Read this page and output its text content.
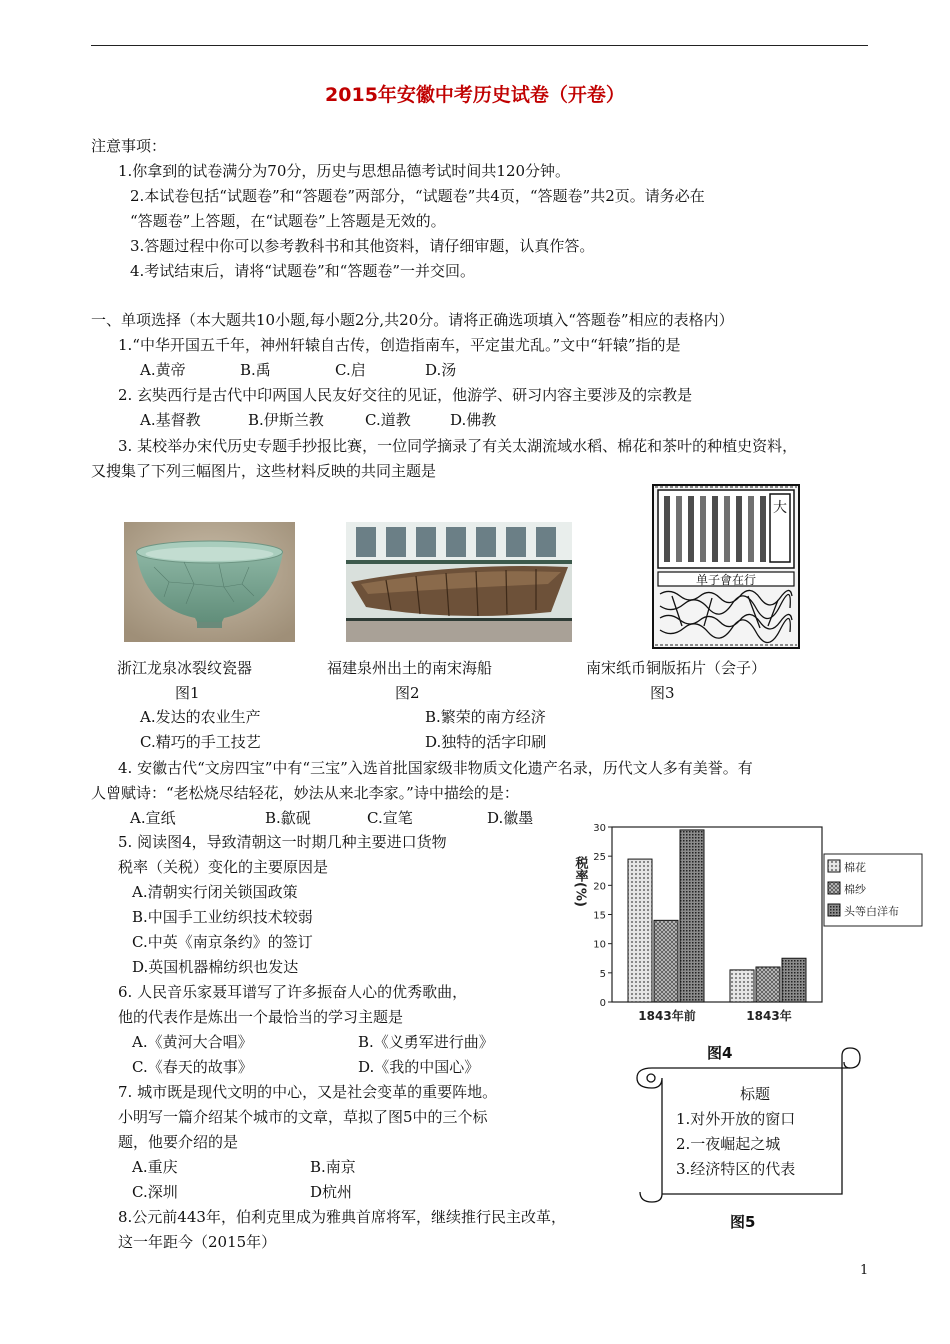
2015年安徽中考历史试卷（开卷）
注意事项：
1.你拿到的试卷满分为70分，历史与思想品德考试时间共120分钟。
2.本试卷包括“试题卷”和“答题卷”两部分，“试题卷”共4页，“答题卷”共2页。请务必在
“答题卷”上答题，在“试题卷”上答题是无效的。
3.答题过程中你可以参考教科书和其他资料，请仔细审题，认真作答。
4.考试结束后，请将“试题卷”和“答题卷”一并交回。
一、单项选择（本大题共10小题,每小题2分,共20分。请将正确选项填入“答题卷”相应的表格内）
1.“中华开国五千年，神州轩辕自古传，创造指南车，平定蚩尤乱。”文中“轩辕”指的是
A.黄帝	B.禹	C.启	D.汤
2. 玄奘西行是古代中印两国人民友好交往的见证，他游学、研习内容主要涉及的宗教是
A.基督教	B.伊斯兰教	C.道教	D.佛教
3. 某校举办宋代历史专题手抄报比赛，一位同学摘录了有关太湖流域水稻、棉花和茶叶的种植史资料，
又搜集了下列三幅图片，这些材料反映的共同主题是
大
单子會在行
浙江龙泉冰裂纹瓷器	福建泉州出土的南宋海船	南宋纸币铜版拓片（会子）
图1	图2	图3
A.发达的农业生产	B.繁荣的南方经济
C.精巧的手工技艺	D.独特的活字印刷
4. 安徽古代“文房四宝”中有“三宝”入选首批国家级非物质文化遗产名录，历代文人多有美誉。有
人曾赋诗：“老松烧尽结轻花，妙法从来北李家。”诗中描绘的是：
A.宣纸	B.歙砚	C.宣笔	D.徽墨
5. 阅读图4，导致清朝这一时期几种主要进口货物
税率（关税）变化的主要原因是
A.清朝实行闭关锁国政策
B.中国手工业纺织技术较弱
C.中英《南京条约》的签订
D.英国机器棉纺织也发达
0
5
10
15
20
25
30
税率(%)
1843年前	1843年
棉花
棉纱
头等白洋布
图4
6. 人民音乐家聂耳谱写了许多振奋人心的优秀歌曲，
他的代表作是炼出一个最恰当的学习主题是
A.《黄河大合唱》	B.《义勇军进行曲》
C.《春天的故事》	D.《我的中国心》
7. 城市既是现代文明的中心，又是社会变革的重要阵地。
小明写一篇介绍某个城市的文章，草拟了图5中的三个标
题，他要介绍的是
A.重庆	B.南京
C.深圳	D杭州
标题
1.对外开放的窗口
2.一夜崛起之城
3.经济特区的代表
图5
8.公元前443年，伯利克里成为雅典首席将军，继续推行民主改革，
这一年距今（2015年）
1
